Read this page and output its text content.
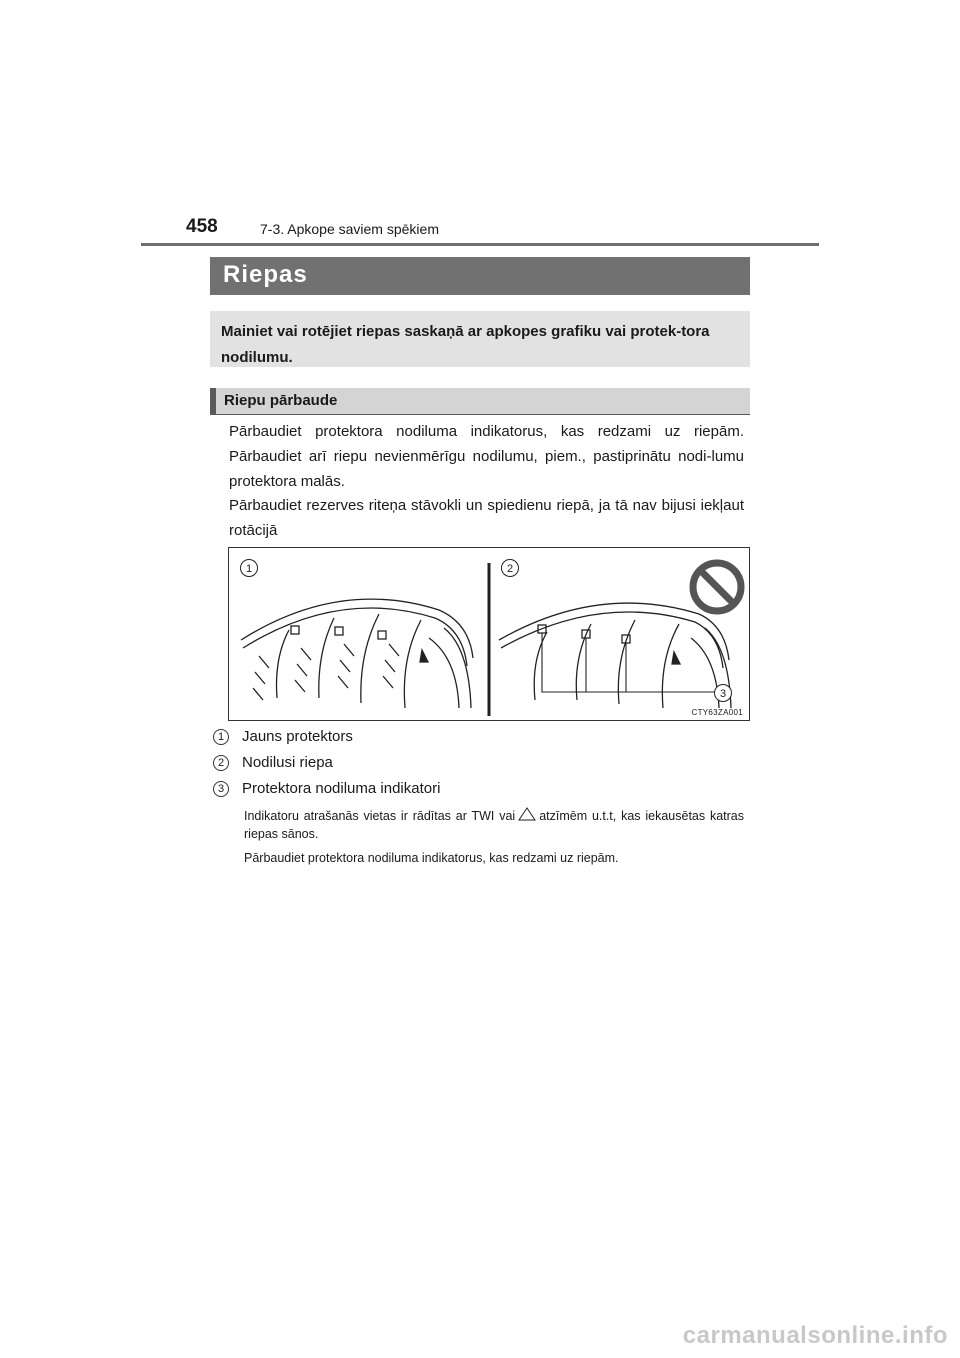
458	7-3. Apkope saviem spēkiem
Riepas

Mainiet vai rotējiet riepas saskaņā ar apkopes grafiku vai protek-tora nodilumu.

Riepu pārbaude

Pārbaudiet protektora nodiluma indikatorus, kas redzami uz riepām. Pārbaudiet arī riepu nevienmērīgu nodilumu, piem., pastiprinātu nodi-lumu protektora malās.

Pārbaudiet rezerves riteņa stāvokli un spiedienu riepā, ja tā nav bijusi iekļaut rotācijā

1	2
3
CTY63ZA001
1	Jauns protektors
2	Nodilusi riepa
3	Protektora nodiluma indikatori

Indikatoru atrašanās vietas ir rādītas ar TWI vai atzīmēm u.t.t, kas iekausētas katras riepas sānos.

Pārbaudiet protektora nodiluma indikatorus, kas redzami uz riepām.

carmanualsonline.info
